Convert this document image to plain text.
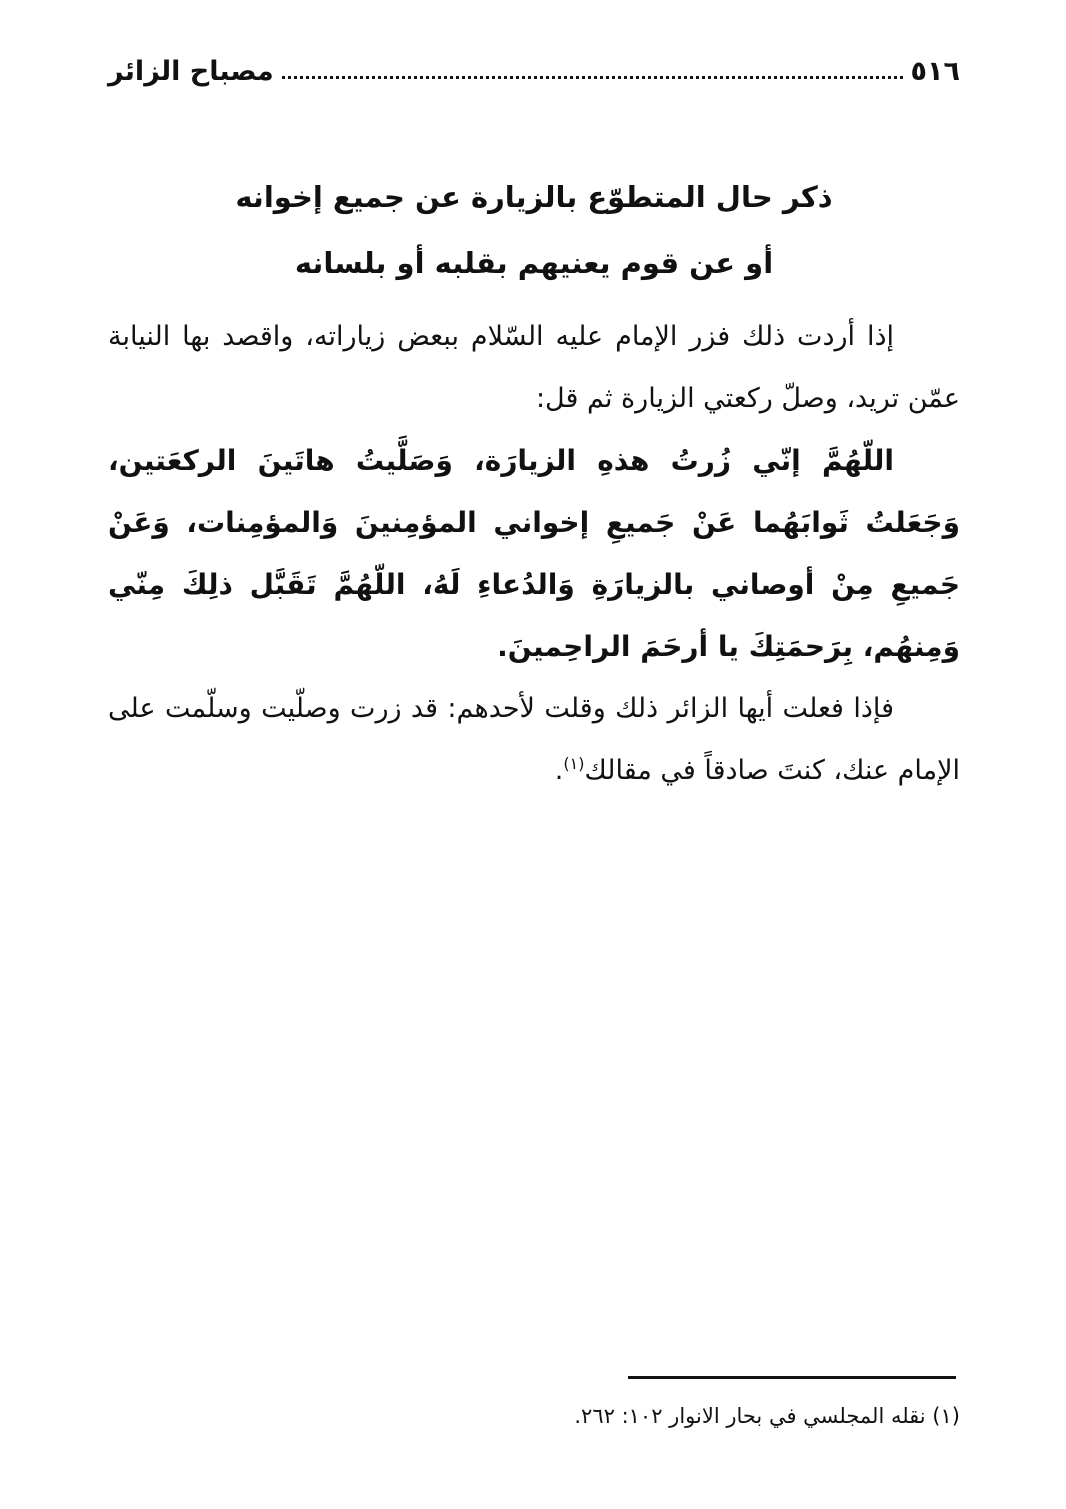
٥١٦
مصباح الزائر
ذكر حال المتطوّع بالزيارة عن جميع إخوانه
أو عن قوم يعنيهم بقلبه أو بلسانه

إذا أردت ذلك فزر الإمام عليه السّلام ببعض زياراته، واقصد بها النيابة عمّن تريد، وصلّ ركعتي الزيارة ثم قل:

اللّهُمَّ إنّي زُرتُ هذهِ الزيارَة، وَصَلَّيتُ هاتَينَ الركعَتين، وَجَعَلتُ ثَوابَهُما عَنْ جَميعِ إخواني المؤمِنينَ وَالمؤمِنات، وَعَنْ جَميعِ مِنْ أوصاني بالزيارَةِ وَالدُعاءِ لَهُ، اللّهُمَّ تَقَبَّل ذلِكَ مِنّي وَمِنهُم، بِرَحمَتِكَ يا أرحَمَ الراحِمينَ.

فإذا فعلت أيها الزائر ذلك وقلت لأحدهم: قد زرت وصلّيت وسلّمت على الإمام عنك، كنتَ صادقاً في مقالك$^{(١)}$.

(١) نقله المجلسي في بحار الانوار ١٠٢: ٢٦٢.
